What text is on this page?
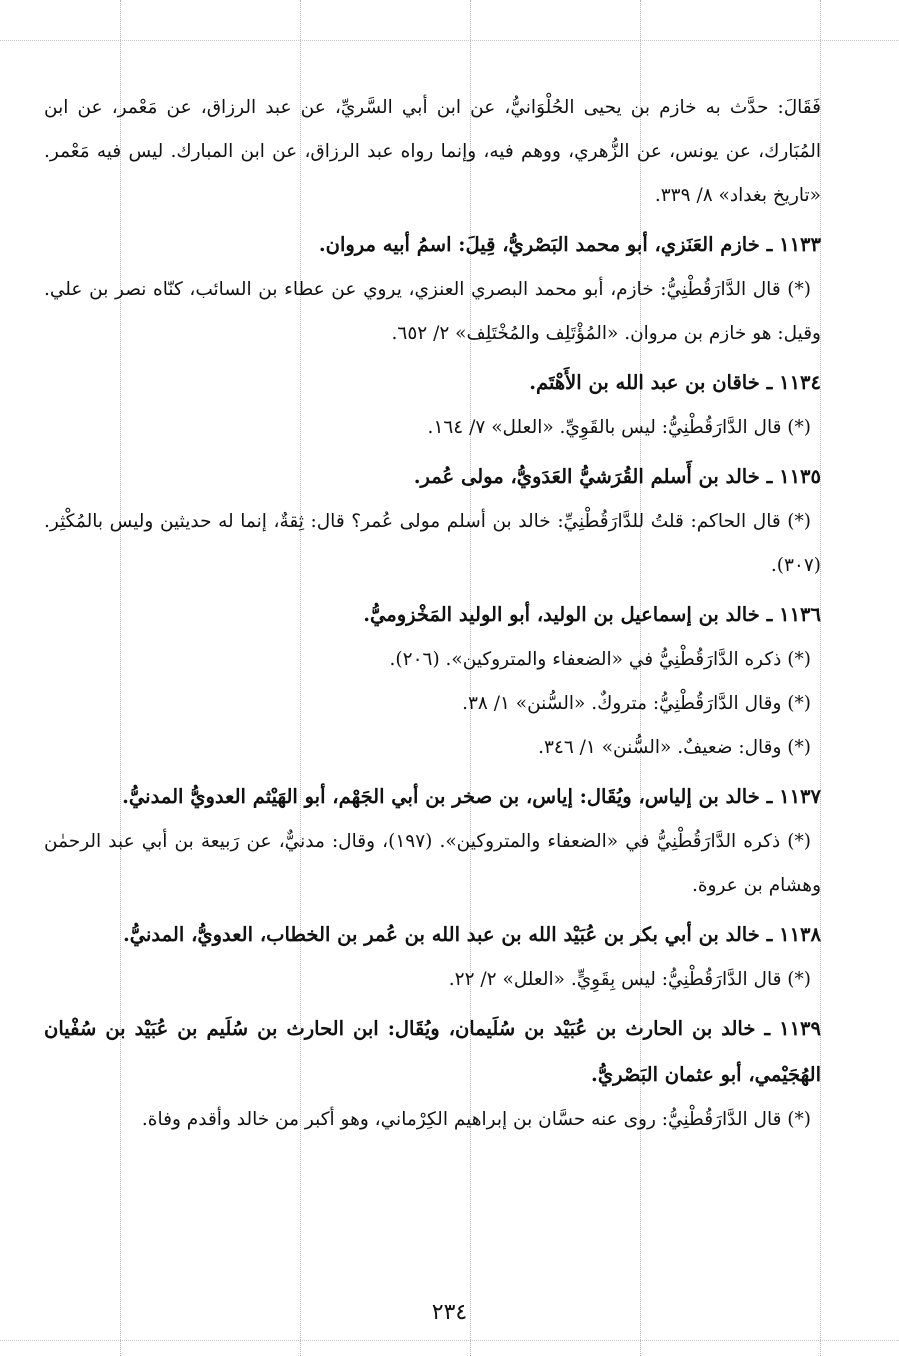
فَقَالَ: حدَّث به خازم بن يحيى الحُلْوَانيُّ، عن ابن أبي السَّريِّ، عن عبد الرزاق، عن مَعْمر، عن ابن المُبَارك، عن يونس، عن الزُّهري، ووهم فيه، وإنما رواه عبد الرزاق، عن ابن المبارك. ليس فيه مَعْمر. «تاريخ بغداد» ٨/ ٣٣٩.

١١٣٣ ـ خازم العَنَزي، أبو محمد البَصْريُّ، قِيلَ: اسمُ أبيه مروان.

(*) قال الدَّارَقُطْنِيُّ: خازم، أبو محمد البصري العنزي، يروي عن عطاء بن السائب، كنّاه نصر بن علي. وقيل: هو خازم بن مروان. «المُؤْتَلِف والمُخْتَلِف» ٢/ ٦٥٢.

١١٣٤ ـ خاقان بن عبد الله بن الأَهْتَم.

(*) قال الدَّارَقُطْنِيُّ: ليس بالقَوِيِّ. «العلل» ٧/ ١٦٤.

١١٣٥ ـ خالد بن أَسلم القُرَشيُّ العَدَويُّ، مولى عُمر.

(*) قال الحاكم: قلتُ للدَّارَقُطْنِيِّ: خالد بن أسلم مولى عُمر؟ قال: ثِقةٌ، إنما له حديثين وليس بالمُكْثِر. (٣٠٧).

١١٣٦ ـ خالد بن إسماعيل بن الوليد، أبو الوليد المَخْزوميُّ.

(*) ذكره الدَّارَقُطْنِيُّ في «الضعفاء والمتروكين». (٢٠٦).

(*) وقال الدَّارَقُطْنِيُّ: متروكٌ. «السُّنن» ١/ ٣٨.

(*) وقال: ضعيفٌ. «السُّنن» ١/ ٣٤٦.

١١٣٧ ـ خالد بن إلياس، ويُقَال: إياس، بن صخر بن أبي الجَهْم، أبو الهَيْثم العدويُّ المدنيُّ.

(*) ذكره الدَّارَقُطْنِيُّ في «الضعفاء والمتروكين». (١٩٧)، وقال: مدنيٌّ، عن رَبيعة بن أبي عبد الرحمٰن وهشام بن عروة.

١١٣٨ ـ خالد بن أبي بكر بن عُبَيْد الله بن عبد الله بن عُمر بن الخطاب، العدويُّ، المدنيُّ.

(*) قال الدَّارَقُطْنِيُّ: ليس بِقَوِيٍّ. «العلل» ٢/ ٢٢.

١١٣٩ ـ خالد بن الحارث بن عُبَيْد بن سُلَيمان، ويُقَال: ابن الحارث بن سُلَيم بن عُبَيْد بن سُفْيان الهُجَيْمي، أبو عثمان البَصْريُّ.

(*) قال الدَّارَقُطْنِيُّ: روى عنه حسَّان بن إبراهيم الكِرْماني، وهو أكبر من خالد وأقدم وفاة.

٢٣٤
